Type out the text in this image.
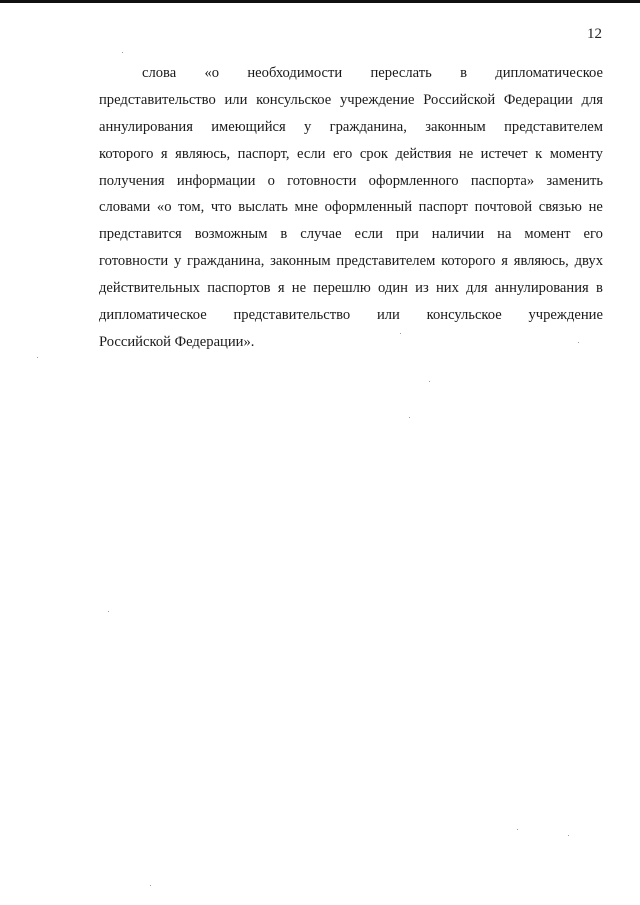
12
слова «о необходимости переслать в дипломатическое
представительство или консульское учреждение Российской Федерации для
аннулирования имеющийся у гражданина, законным представителем
которого я являюсь, паспорт, если его срок действия не истечет к моменту
получения информации о готовности оформленного паспорта» заменить
словами «о том, что выслать мне оформленный паспорт почтовой связью не
представится возможным в случае если при наличии на момент его
готовности у гражданина, законным представителем которого я являюсь, двух
действительных паспортов я не перешлю один из них для аннулирования в
дипломатическое представительство или консульское учреждение
Российской Федерации».
